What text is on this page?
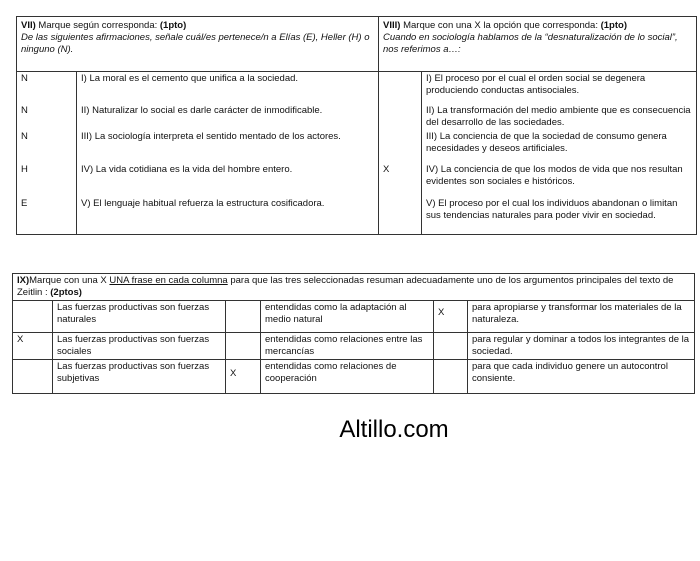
VII) Marque según corresponda: (1pto)
De las siguientes afirmaciones, señale cuál/es pertenece/n a Elías (E), Heller (H) o ninguno (N).		VIII) Marque con una X la opción que corresponda: (1pto)
Cuando en sociología hablamos de la “desnaturalización de lo social”, nos referimos a…:	
N	I) La moral es el cemento que unifica a la sociedad.		I) El proceso por el cual el orden social se degenera produciendo conductas antisociales.
N	II) Naturalizar lo social es darle carácter de inmodificable.		II) La transformación del medio ambiente que es consecuencia del desarrollo de las sociedades.
N	III) La sociología interpreta el sentido mentado de los actores.		III) La conciencia de que la sociedad de consumo genera necesidades y deseos artificiales.
H	IV) La vida cotidiana es la vida del hombre entero.	X	IV) La conciencia de que los modos de vida que nos resultan evidentes son sociales e históricos.
E	V) El lenguaje habitual refuerza la estructura cosificadora.		V) El proceso por el cual los individuos abandonan o limitan sus tendencias naturales para poder vivir en sociedad.
IX)Marque con una X UNA frase en cada columna para que las tres seleccionadas resuman adecuadamente uno de los argumentos principales del texto de Zeitlin : (2ptos)					
	Las fuerzas productivas son fuerzas naturales		entendidas como la adaptación al medio natural	X	para apropiarse y transformar los materiales de la naturaleza.
X	Las fuerzas productivas son fuerzas sociales		entendidas como relaciones entre las mercancías		para regular y dominar a todos los integrantes de la sociedad.
	Las fuerzas productivas son fuerzas subjetivas	X	entendidas como relaciones de cooperación		para que cada individuo genere un autocontrol consiente.
Altillo.com
